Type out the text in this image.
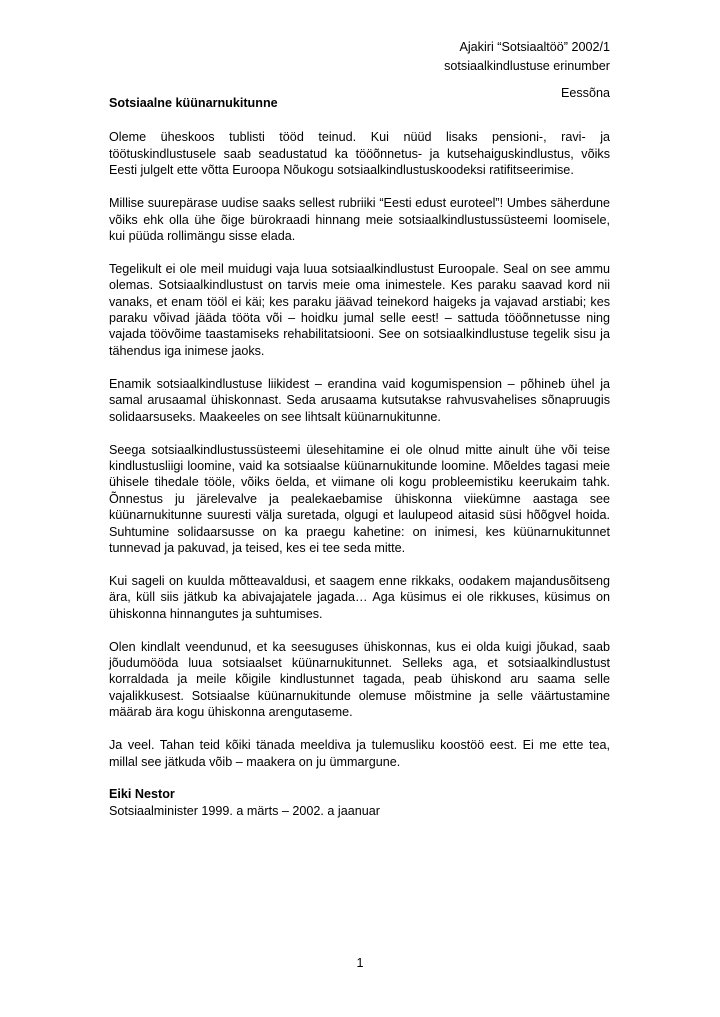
Ajakiri “Sotsiaaltöö” 2002/1
sotsiaalkindlustuse erinumber
Eessõna

Sotsiaalne küünarnukitunne

Oleme üheskoos tublisti tööd teinud. Kui nüüd lisaks pensioni-, ravi- ja töötuskindlustusele saab seadustatud ka tööõnnetus- ja kutsehaiguskindlustus, võiks Eesti julgelt ette võtta Euroopa Nõukogu sotsiaalkindlustuskoodeksi ratifitseerimise.

Millise suurepärase uudise saaks sellest rubriiki “Eesti edust euroteel”! Umbes säherdune võiks ehk olla ühe õige bürokraadi hinnang meie sotsiaalkindlustussüsteemi loomisele, kui püüda rollimängu sisse elada.

Tegelikult ei ole meil muidugi vaja luua sotsiaalkindlustust Euroopale. Seal on see ammu olemas. Sotsiaalkindlustust on tarvis meie oma inimestele. Kes paraku saavad kord nii vanaks, et enam tööl ei käi; kes paraku jäävad teinekord haigeks ja vajavad arstiabi; kes paraku võivad jääda tööta või – hoidku jumal selle eest! – sattuda tööõnnetusse ning vajada töövõime taastamiseks rehabilitatsiooni. See on sotsiaalkindlustuse tegelik sisu ja tähendus iga inimese jaoks.

Enamik sotsiaalkindlustuse liikidest – erandina vaid kogumispension – põhineb ühel ja samal arusaamal ühiskonnast. Seda arusaama kutsutakse rahvusvahelises sõnapruugis solidaarsuseks. Maakeeles on see lihtsalt küünarnukitunne.

Seega sotsiaalkindlustussüsteemi ülesehitamine ei ole olnud mitte ainult ühe või teise kindlustusliigi loomine, vaid ka sotsiaalse küünarnukitunde loomine. Mõeldes tagasi meie ühisele tihedale tööle, võiks öelda, et viimane oli kogu probleemistiku keerukaim tahk. Õnnestus ju järelevalve ja pealekaebamise ühiskonna viiekümne aastaga see küünarnukitunne suuresti välja suretada, olgugi et laulupeod aitasid süsi hõõgvel hoida. Suhtumine solidaarsusse on ka praegu kahetine: on inimesi, kes küünarnukitunnet tunnevad ja pakuvad, ja teised, kes ei tee seda mitte.

Kui sageli on kuulda mõtteavaldusi, et saagem enne rikkaks, oodakem majandusõitseng ära, küll siis jätkub ka abivajajatele jagada… Aga küsimus ei ole rikkuses, küsimus on ühiskonna hinnangutes ja suhtumises.

Olen kindlalt veendunud, et ka seesuguses ühiskonnas, kus ei olda kuigi jõukad, saab jõudumööda luua sotsiaalset küünarnukitunnet. Selleks aga, et sotsiaalkindlustust korraldada ja meile kõigile kindlustunnet tagada, peab ühiskond aru saama selle vajalikkusest. Sotsiaalse küünarnukitunde olemuse mõistmine ja selle väärtustamine määrab ära kogu ühiskonna arengutaseme.

Ja veel. Tahan teid kõiki tänada meeldiva ja tulemusliku koostöö eest. Ei me ette tea, millal see jätkuda võib – maakera on ju ümmargune.

Eiki Nestor

Sotsiaalminister 1999. a märts – 2002. a jaanuar

1
